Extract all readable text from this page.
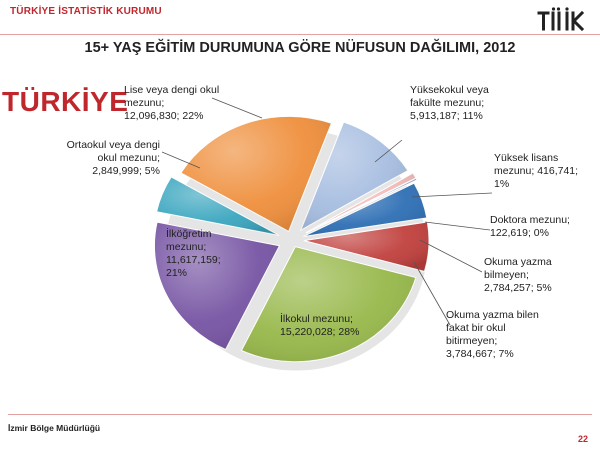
TÜRKİYE İSTATİSTİK KURUMU
15+ YAŞ EĞİTİM DURUMUNA GÖRE NÜFUSUN DAĞILIMI, 2012
TÜRKİYE	Yüksekokul veya fakülte mezunu; 5,913,187; 11%
Yüksek lisans mezunu; 416,741; 1%
Doktora mezunu; 122,619; 0%
Okuma yazma bilmeyen; 2,784,257; 5%
Okuma yazma bilen fakat bir okul bitirmeyen; 3,784,667; 7%
İlkokul mezunu; 15,220,028; 28%
İlköğretim mezunu; 11,617,159; 21%
Ortaokul veya dengi okul mezunu; 2,849,999; 5%
Lise veya dengi okul mezunu; 12,096,830; 22%
İzmir Bölge Müdürlüğü
22
